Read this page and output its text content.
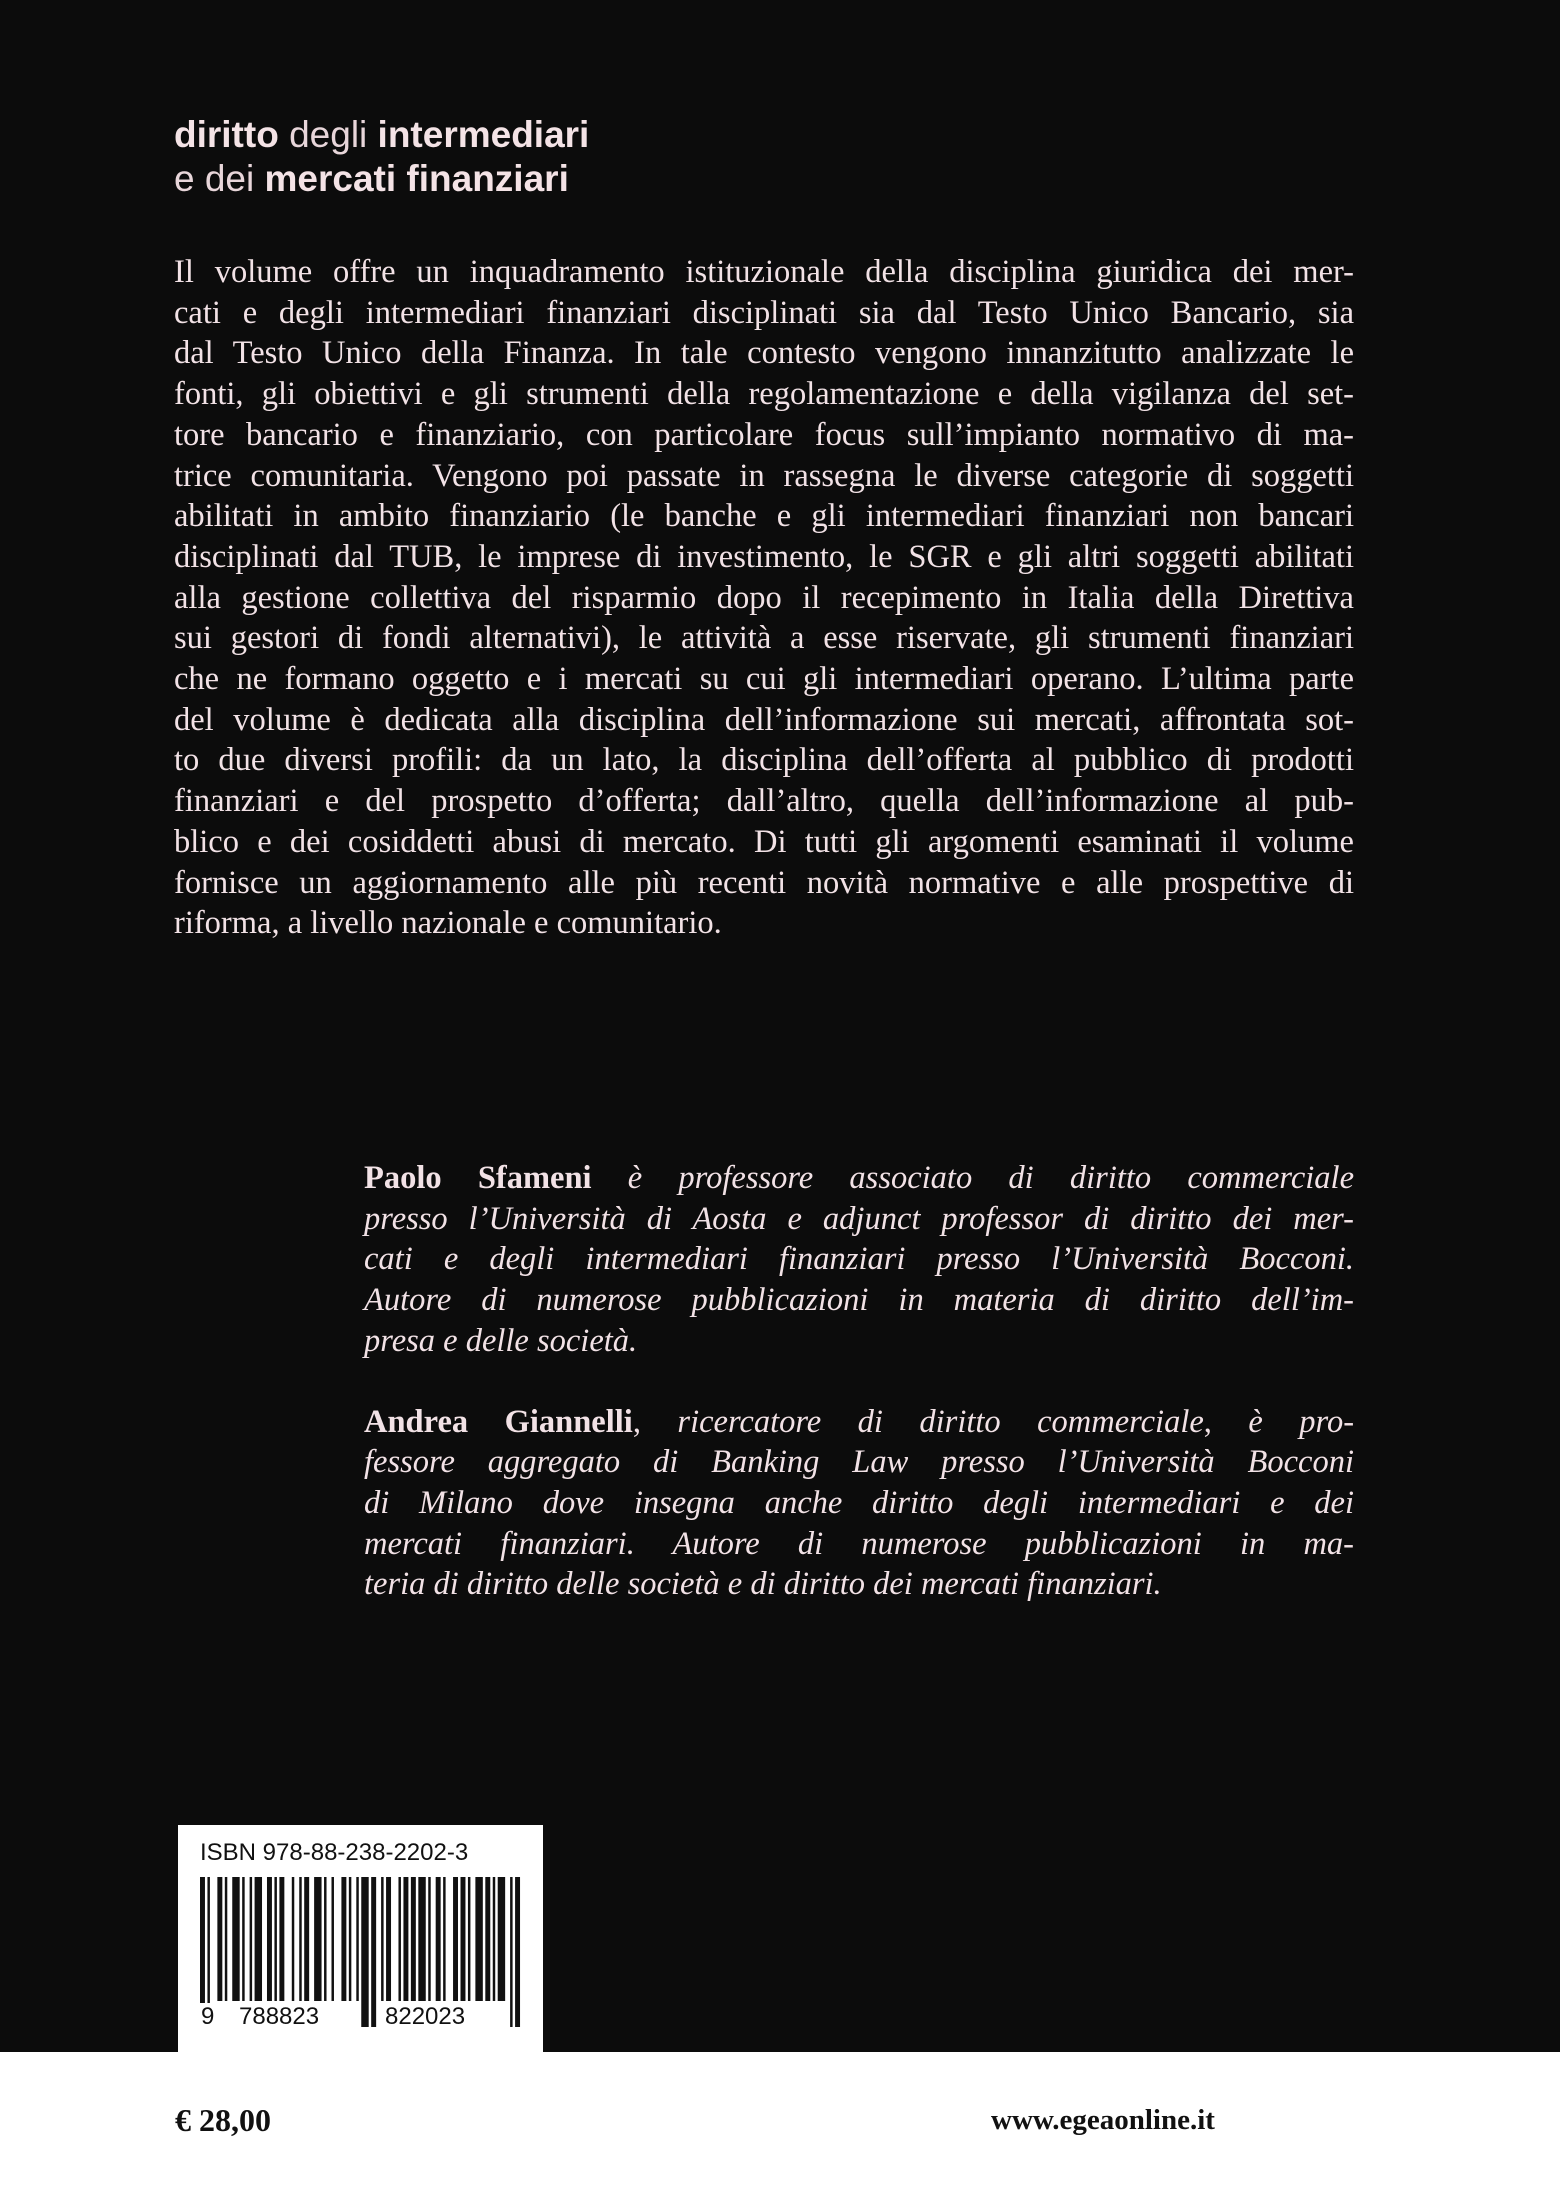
diritto degli intermediari
e dei mercati finanziari
Il volume offre un inquadramento istituzionale della disciplina giuridica dei mer-
cati e degli intermediari finanziari disciplinati sia dal Testo Unico Bancario, sia
dal Testo Unico della Finanza. In tale contesto vengono innanzitutto analizzate le
fonti, gli obiettivi e gli strumenti della regolamentazione e della vigilanza del set-
tore bancario e finanziario, con particolare focus sull’impianto normativo di ma-
trice comunitaria. Vengono poi passate in rassegna le diverse categorie di soggetti
abilitati in ambito finanziario (le banche e gli intermediari finanziari non bancari
disciplinati dal TUB, le imprese di investimento, le SGR e gli altri soggetti abilitati
alla gestione collettiva del risparmio dopo il recepimento in Italia della Direttiva
sui gestori di fondi alternativi), le attività a esse riservate, gli strumenti finanziari
che ne formano oggetto e i mercati su cui gli intermediari operano. L’ultima parte
del volume è dedicata alla disciplina dell’informazione sui mercati, affrontata sot-
to due diversi profili: da un lato, la disciplina dell’offerta al pubblico di prodotti
finanziari e del prospetto d’offerta; dall’altro, quella dell’informazione al pub-
blico e dei cosiddetti abusi di mercato. Di tutti gli argomenti esaminati il volume
fornisce un aggiornamento alle più recenti novità normative e alle prospettive di
riforma, a livello nazionale e comunitario.
Paolo Sfameni è professore associato di diritto commerciale
presso l’Università di Aosta e adjunct professor di diritto dei mer-
cati e degli intermediari finanziari presso l’Università Bocconi.
Autore di numerose pubblicazioni in materia di diritto dell’im-
presa e delle società.
Andrea Giannelli, ricercatore di diritto commerciale, è pro-
fessore aggregato di Banking Law presso l’Università Bocconi
di Milano dove insegna anche diritto degli intermediari e dei
mercati finanziari. Autore di numerose pubblicazioni in ma-
teria di diritto delle società e di diritto dei mercati finanziari.
ISBN 978-88-238-2202-3
9 788823	822023
€ 28,00	www.egeaonline.it
